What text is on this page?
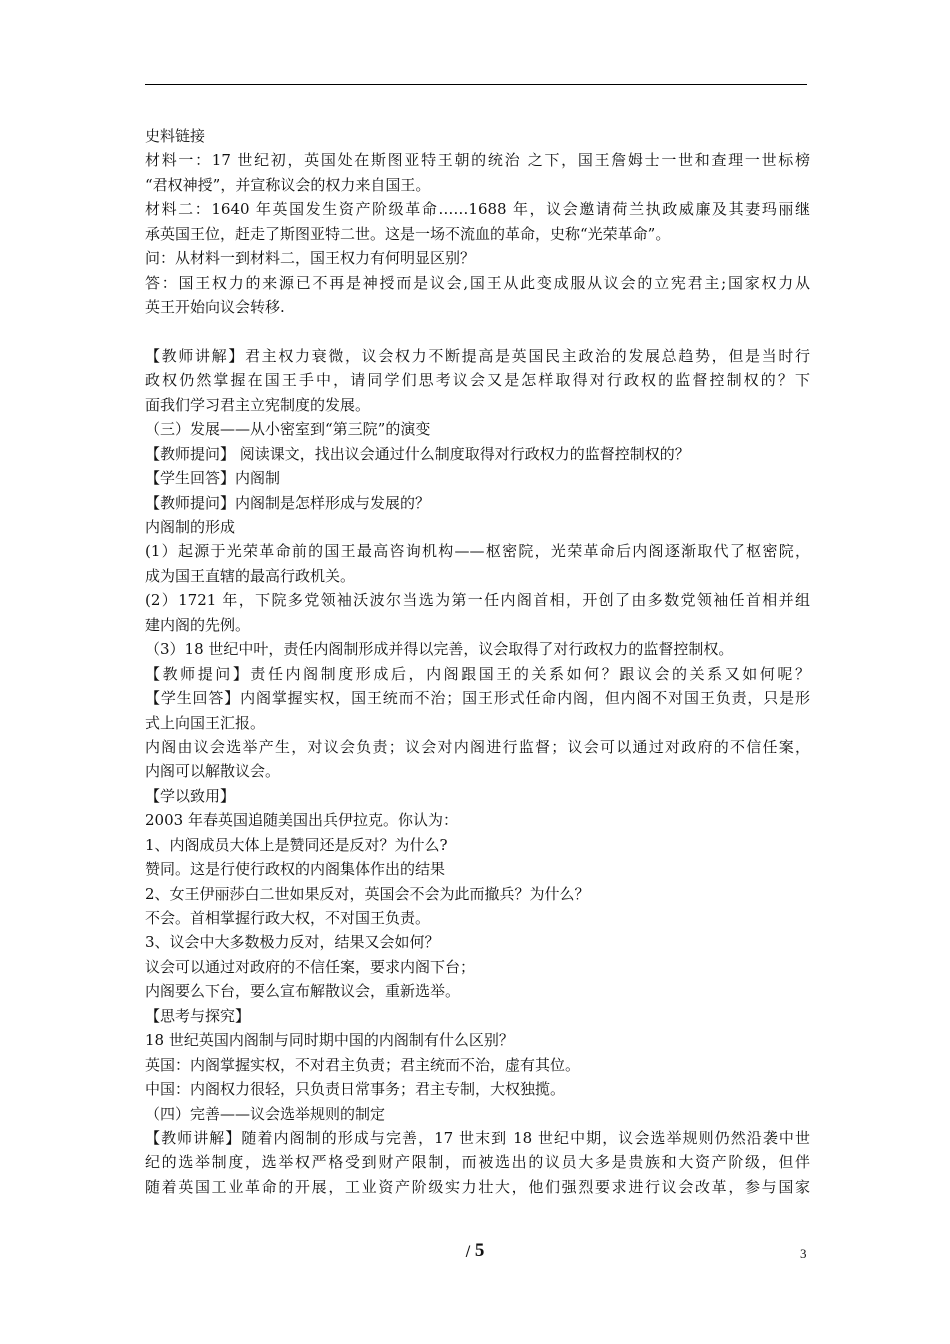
史料链接
材料一：17 世纪初，英国处在斯图亚特王朝的统治 之下，国王詹姆士一世和查理一世标榜
“君权神授”，并宣称议会的权力来自国王。
材料二：1640 年英国发生资产阶级革命……1688 年，议会邀请荷兰执政威廉及其妻玛丽继
承英国王位，赶走了斯图亚特二世。这是一场不流血的革命，史称“光荣革命”。
问：从材料一到材料二，国王权力有何明显区别？
答：国王权力的来源已不再是神授而是议会,国王从此变成服从议会的立宪君主;国家权力从
英王开始向议会转移.
【教师讲解】君主权力衰微，议会权力不断提高是英国民主政治的发展总趋势，但是当时行
政权仍然掌握在国王手中，请同学们思考议会又是怎样取得对行政权的监督控制权的？下
面我们学习君主立宪制度的发展。
（三）发展——从小密室到“第三院”的演变
【教师提问】 阅读课文，找出议会通过什么制度取得对行政权力的监督控制权的？
【学生回答】内阁制
【教师提问】内阁制是怎样形成与发展的？
内阁制的形成
(1）起源于光荣革命前的国王最高咨询机构——枢密院，光荣革命后内阁逐渐取代了枢密院，
成为国王直辖的最高行政机关。
(2）1721 年，下院多党领袖沃波尔当选为第一任内阁首相，开创了由多数党领袖任首相并组
建内阁的先例。
（3）18 世纪中叶，责任内阁制形成并得以完善，议会取得了对行政权力的监督控制权。
【教师提问】责任内阁制度形成后，内阁跟国王的关系如何？跟议会的关系又如何呢？
【学生回答】内阁掌握实权，国王统而不治；国王形式任命内阁，但内阁不对国王负责，只是形
式上向国王汇报。
内阁由议会选举产生，对议会负责；议会对内阁进行监督；议会可以通过对政府的不信任案，
内阁可以解散议会。
【学以致用】
2003 年春英国追随美国出兵伊拉克。你认为：
1、内阁成员大体上是赞同还是反对？为什么?
赞同。这是行使行政权的内阁集体作出的结果
2、女王伊丽莎白二世如果反对，英国会不会为此而撤兵？为什么？
不会。首相掌握行政大权，不对国王负责。
3、议会中大多数极力反对，结果又会如何？
议会可以通过对政府的不信任案，要求内阁下台；
内阁要么下台，要么宣布解散议会，重新选举。
【思考与探究】
18 世纪英国内阁制与同时期中国的内阁制有什么区别？
英国：内阁掌握实权，不对君主负责；君主统而不治，虚有其位。
中国：内阁权力很轻，只负责日常事务；君主专制，大权独揽。
（四）完善——议会选举规则的制定
【教师讲解】随着内阁制的形成与完善，17 世末到 18 世纪中期，议会选举规则仍然沿袭中世
纪的选举制度，选举权严格受到财产限制，而被选出的议员大多是贵族和大资产阶级，但伴
随着英国工业革命的开展，工业资产阶级实力壮大，他们强烈要求进行议会改革，参与国家
/ 5	3
